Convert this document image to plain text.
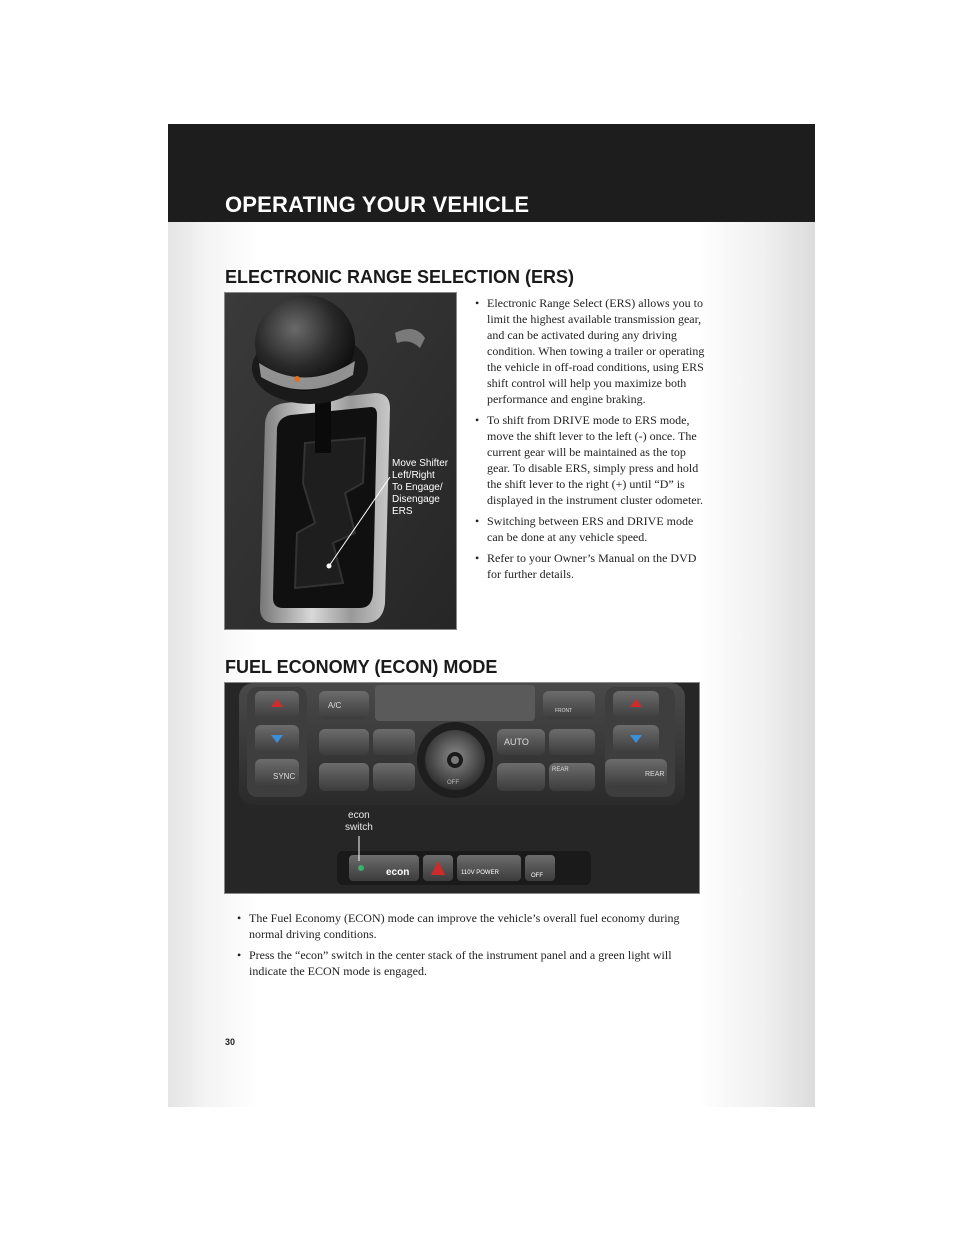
OPERATING YOUR VEHICLE
ELECTRONIC RANGE SELECTION (ERS)
Move Shifter
Left/Right
To Engage/
Disengage
ERS
• Electronic Range Select (ERS) allows you to limit the highest available transmission gear, and can be activated during any driving condition. When towing a trailer or operating the vehicle in off-road conditions, using ERS shift control will help you maximize both performance and engine braking.
• To shift from DRIVE mode to ERS mode, move the shift lever to the left (-) once. The current gear will be maintained as the top gear. To disable ERS, simply press and hold the shift lever to the right (+) until “D” is displayed in the instrument cluster odometer.
• Switching between ERS and DRIVE mode can be done at any vehicle speed.
• Refer to your Owner’s Manual on the DVD for further details.
FUEL ECONOMY (ECON) MODE
A/C
SYNC
AUTO
REAR
REAR
FRONT
OFF
econ	110V POWER	OFF
econ
switch
• The Fuel Economy (ECON) mode can improve the vehicle’s overall fuel economy during normal driving conditions.
• Press the “econ” switch in the center stack of the instrument panel and a green light will indicate the ECON mode is engaged.
30
